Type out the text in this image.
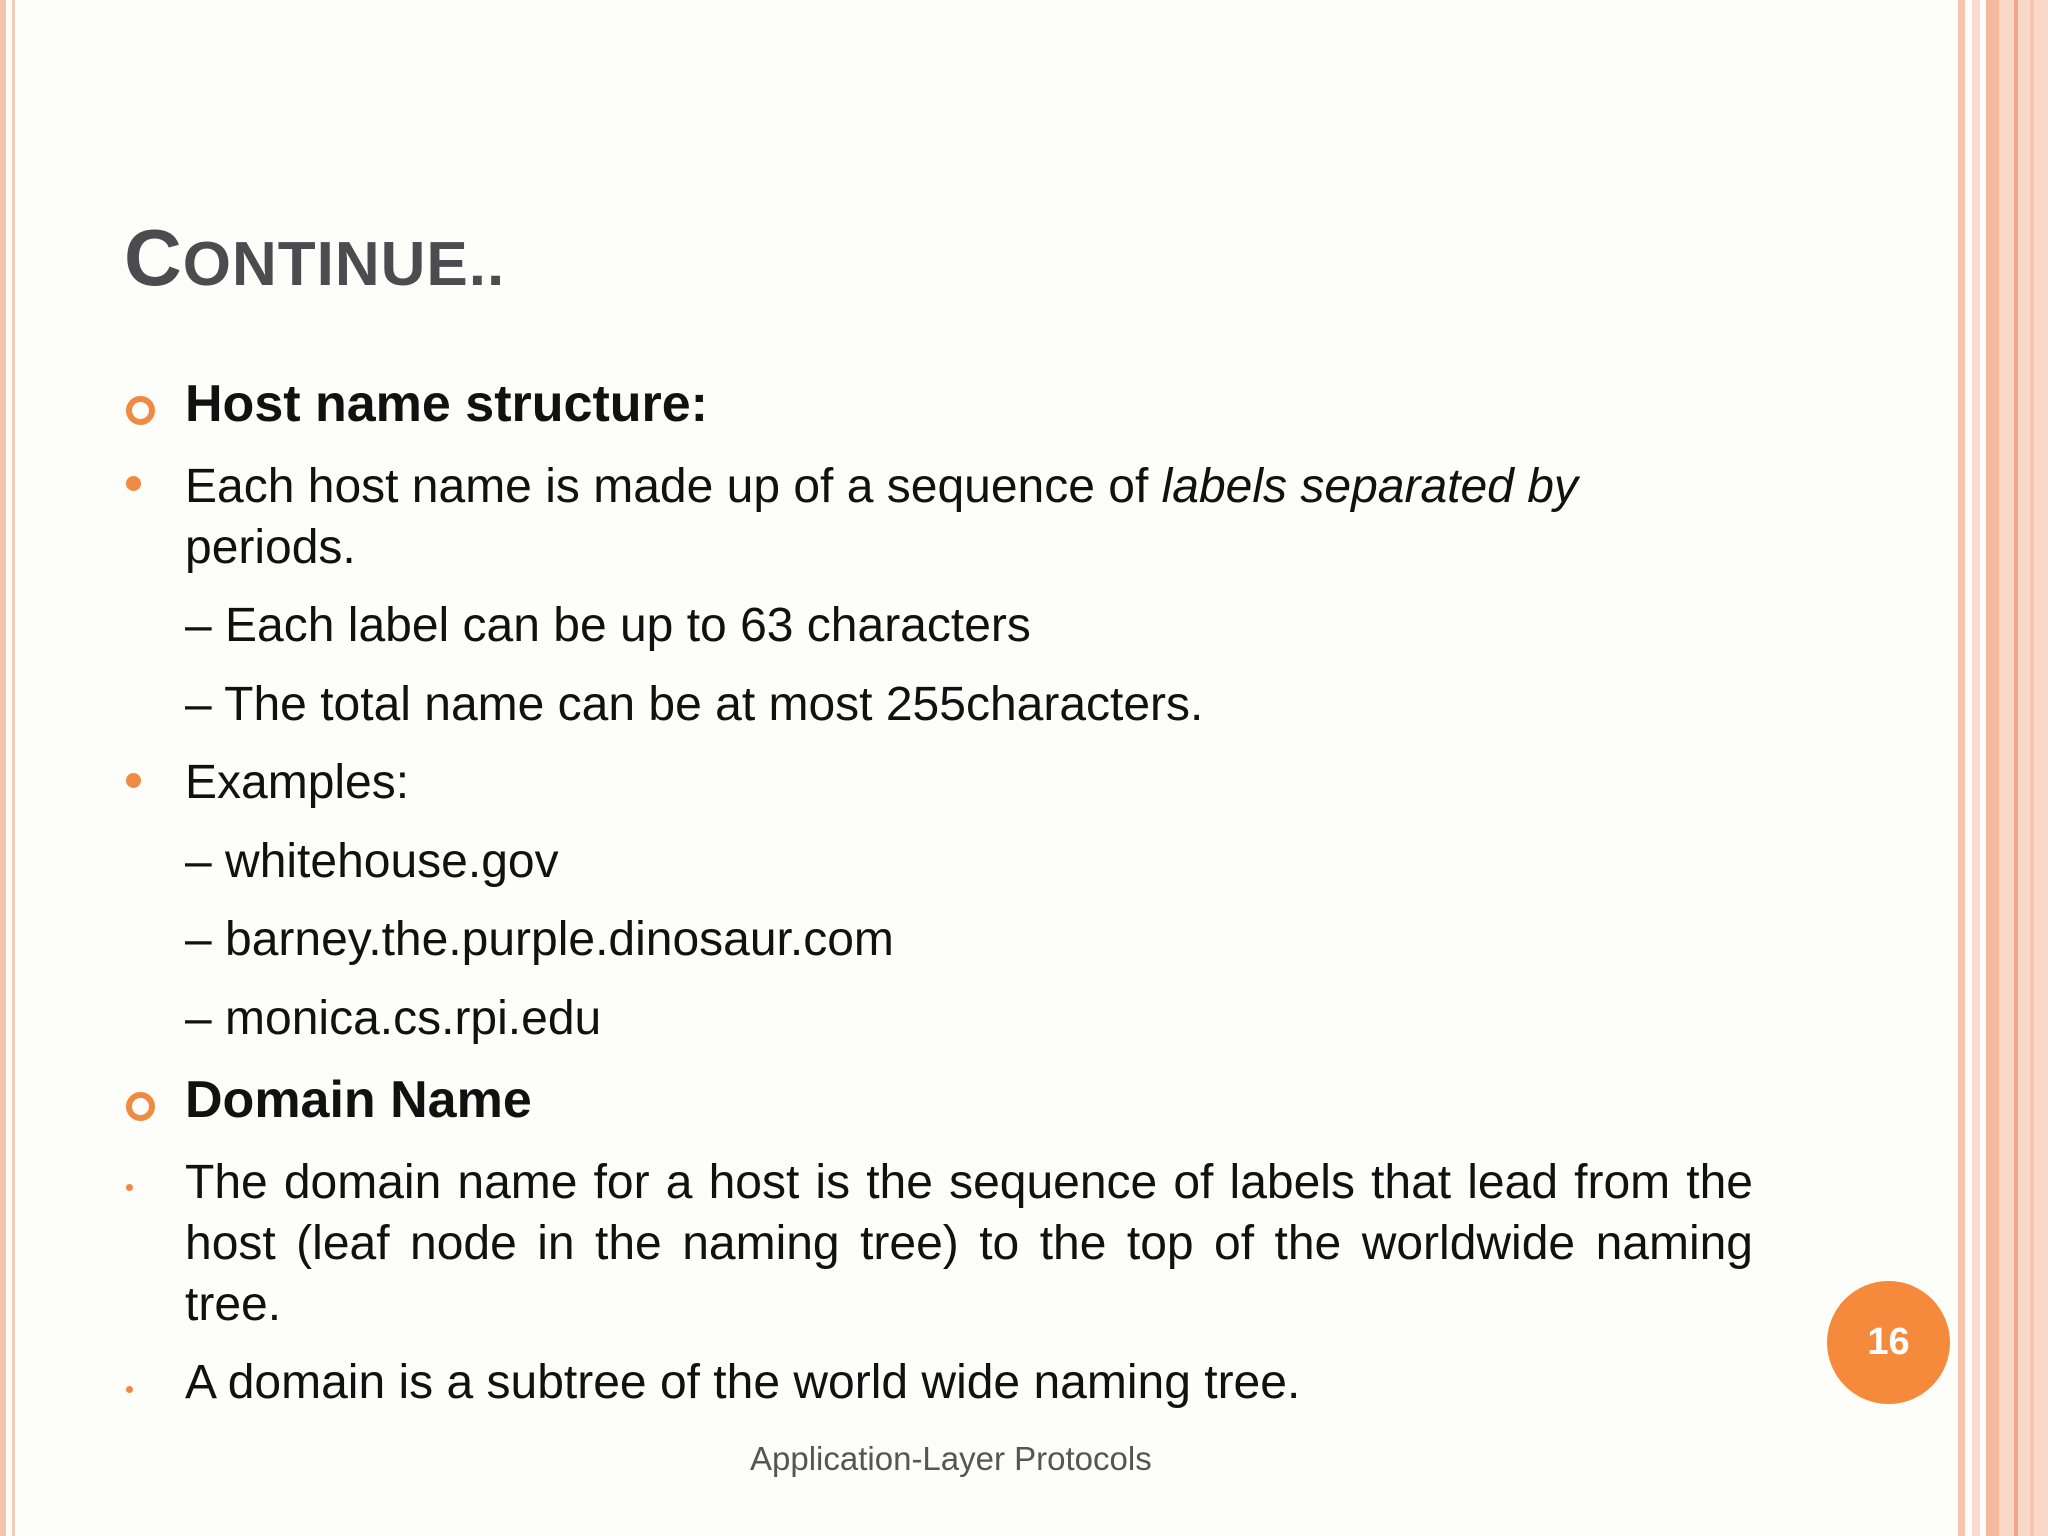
CONTINUE..
Host name structure:
Each host name is made up of a sequence of labels separated by
periods.
– Each label can be up to 63 characters
– The total name can be at most 255characters.
Examples:
– whitehouse.gov
– barney.the.purple.dinosaur.com
– monica.cs.rpi.edu
Domain Name
The domain name for a host is the sequence of labels that lead from the host (leaf node in the naming tree) to the top of the worldwide naming tree.
A domain is a subtree of the world wide naming tree.
Application-Layer Protocols
16
